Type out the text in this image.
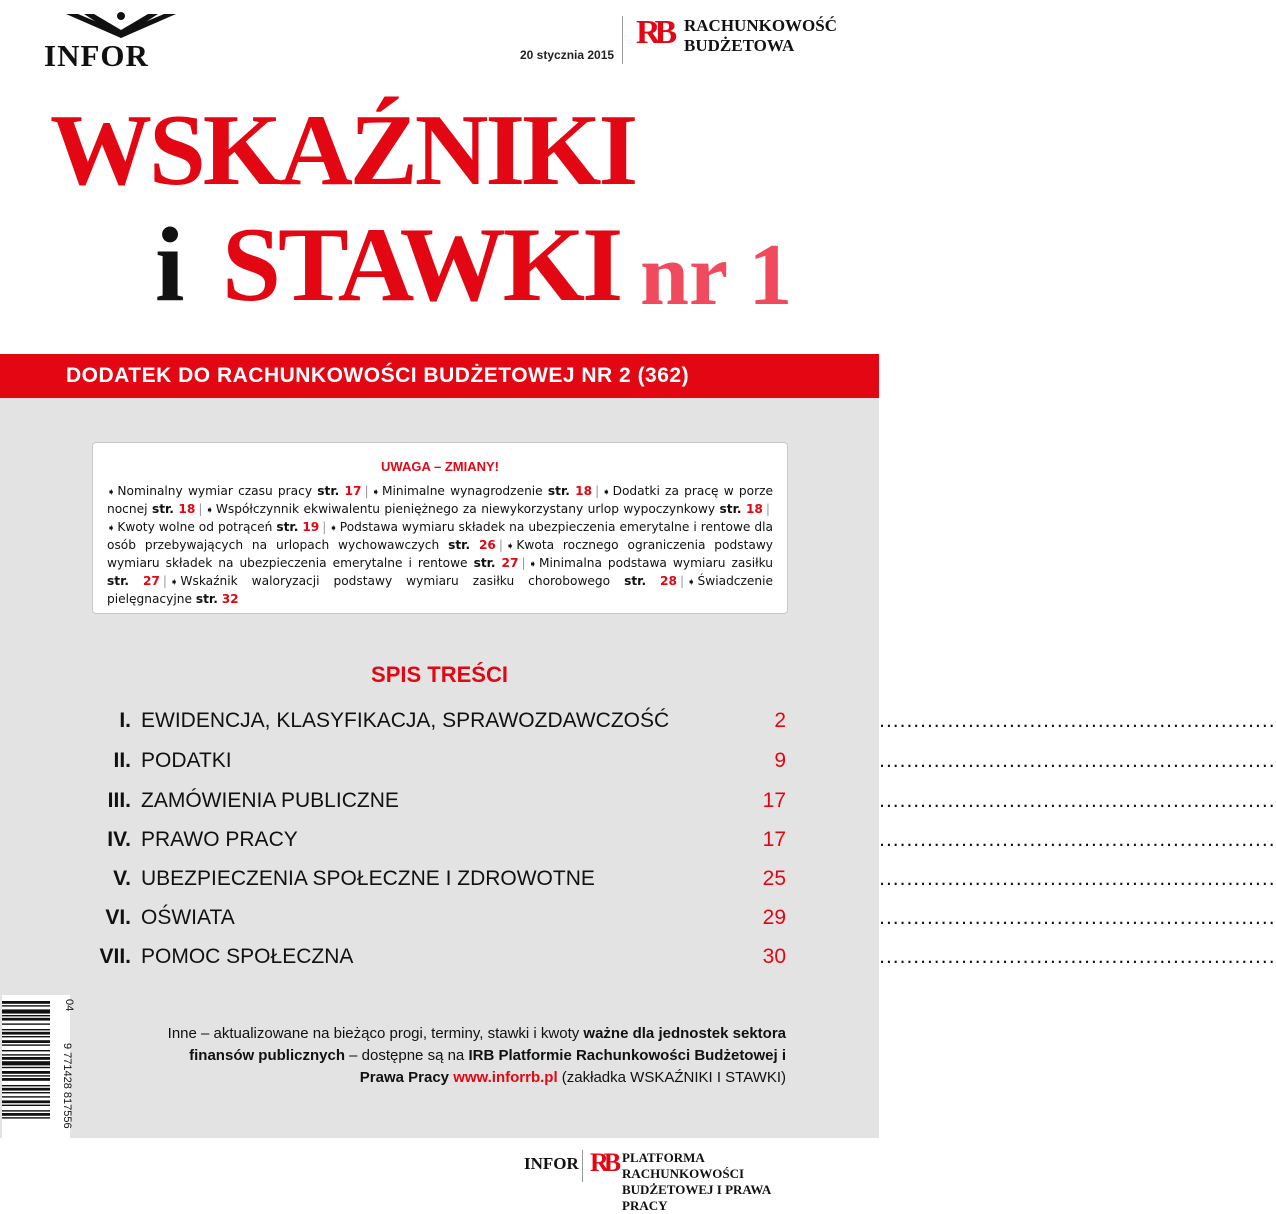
INFOR	20 stycznia 2015
RB RACHUNKOWOŚĆ
BUDŻETOWA
WSKAŹNIKI
i STAWKI nr 1
DODATEK DO RACHUNKOWOŚCI BUDŻETOWEJ NR 2 (362)
UWAGA – ZMIANY!
➧ Nominalny wymiar czasu pracy str. 17 | ➧ Minimalne wynagrodzenie str. 18 | ➧ Dodatki za pracę w porze nocnej str. 18 | ➧ Współczynnik ekwiwalentu pieniężnego za niewykorzystany urlop wypoczynkowy str. 18 |➧ Kwoty wolne od potrąceń str. 19 | ➧ Podstawa wymiaru składek na ubezpieczenia emerytalne i rentowe dla osób przebywających na urlopach wychowawczych str. 26 | ➧ Kwota rocznego ograniczenia podstawy wymiaru składek na ubezpieczenia emerytalne i rentowe str. 27 | ➧ Minimalna podstawa wymiaru zasiłku str. 27 | ➧ Wskaźnik waloryzacji podstawy wymiaru zasiłku chorobowego str. 28 | ➧ Świadczenie pielęgnacyjne str. 32
SPIS TREŚCI
I. EWIDENCJA, KLASYFIKACJA, SPRAWOZDAWCZOŚĆ .....	2
II. PODATKI .....	9
III. ZAMÓWIENIA PUBLICZNE .....	17
IV. PRAWO PRACY .....	17
V. UBEZPIECZENIA SPOŁECZNE I ZDROWOTNE .....	25
VI. OŚWIATA .....	29
VII. POMOC SPOŁECZNA .....	30
Inne – aktualizowane na bieżąco progi, terminy, stawki i kwoty ważne dla jednostek sektora finansów publicznych – dostępne są na IRB Platformie Rachunkowości Budżetowej i Prawa Pracy www.inforrb.pl (zakładka WSKAŹNIKI I STAWKI)
04
9 771428 817556
INFOR RB PLATFORMA RACHUNKOWOŚCI
BUDŻETOWEJ I PRAWA PRACY
